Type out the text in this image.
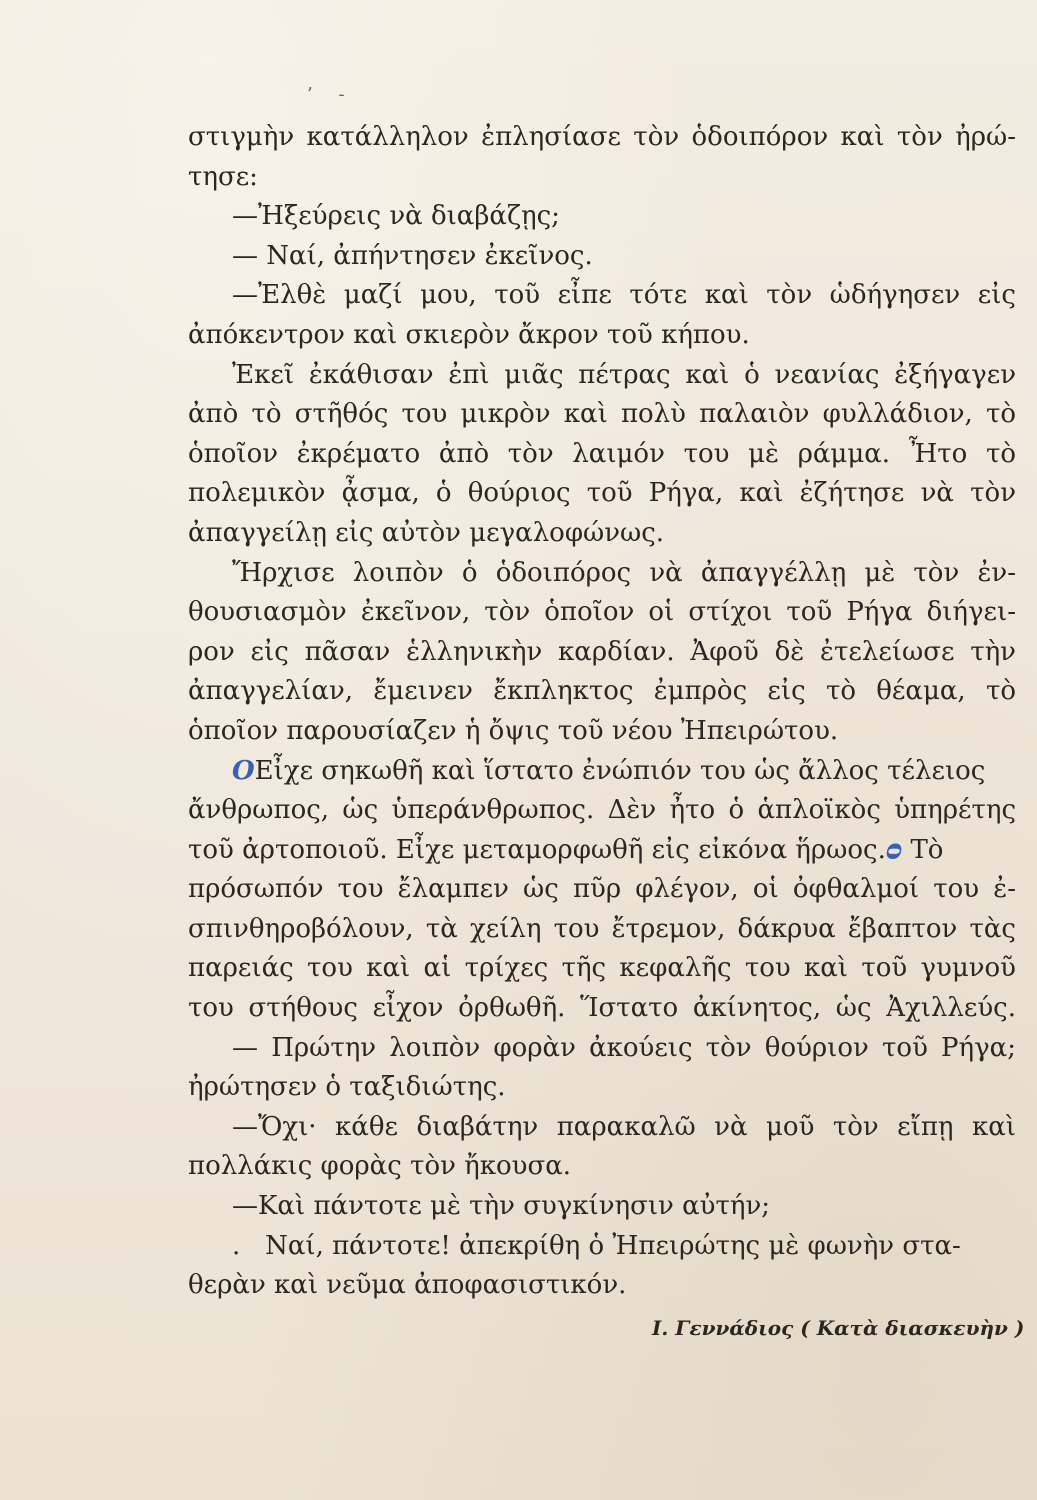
’ -
στιγμὴν κατάλληλον ἐπλησίασε τὸν ὁδοιπόρον καὶ τὸν ἠρώ-
τησε:
—Ἠξεύρεις νὰ διαβάζῃς;
— Ναί, ἀπήντησεν ἐκεῖνος.
—Ἐλθὲ μαζί μου, τοῦ εἶπε τότε καὶ τὸν ὡδήγησεν εἰς
ἀπόκεντρον καὶ σκιερὸν ἄκρον τοῦ κήπου.
Ἐκεῖ ἐκάθισαν ἐπὶ μιᾶς πέτρας καὶ ὁ νεανίας ἐξήγαγεν
ἀπὸ τὸ στῆθός του μικρὸν καὶ πολὺ παλαιὸν φυλλάδιον, τὸ
ὁποῖον ἐκρέματο ἀπὸ τὸν λαιμόν του μὲ ράμμα. Ἦτο τὸ
πολεμικὸν ᾆσμα, ὁ θούριος τοῦ Ρήγα, καὶ ἐζήτησε νὰ τὸν
ἀπαγγείλῃ εἰς αὐτὸν μεγαλοφώνως.
Ἤρχισε λοιπὸν ὁ ὁδοιπόρος νὰ ἀπαγγέλλῃ μὲ τὸν ἐν-
θουσιασμὸν ἐκεῖνον, τὸν ὁποῖον οἱ στίχοι τοῦ Ρήγα διήγει-
ρον εἰς πᾶσαν ἑλληνικὴν καρδίαν. Ἀφοῦ δὲ ἐτελείωσε τὴν
ἀπαγγελίαν, ἔμεινεν ἔκπληκτος ἐμπρὸς εἰς τὸ θέαμα, τὸ
ὁποῖον παρουσίαζεν ἡ ὄψις τοῦ νέου Ἠπειρώτου.
OΕἶχε σηκωθῆ καὶ ἵστατο ἐνώπιόν του ὡς ἄλλος τέλειος
ἄνθρωπος, ὡς ὑπεράνθρωπος. Δὲν ἦτο ὁ ἁπλοϊκὸς ὑπηρέτης
τοῦ ἀρτοποιοῦ. Εἶχε μεταμορφωθῆ εἰς εἰκόνα ἥρωος.ᴑ Τὸ
πρόσωπόν του ἔλαμπεν ὡς πῦρ φλέγον, οἱ ὀφθαλμοί του ἐ-
σπινθηροβόλουν, τὰ χείλη του ἔτρεμον, δάκρυα ἔβαπτον τὰς
παρειάς του καὶ αἱ τρίχες τῆς κεφαλῆς του καὶ τοῦ γυμνοῦ
του στήθους εἶχον ὀρθωθῆ. Ἵστατο ἀκίνητος, ὡς Ἀχιλλεύς.
— Πρώτην λοιπὸν φορὰν ἀκούεις τὸν θούριον τοῦ Ρήγα;
ἠρώτησεν ὁ ταξιδιώτης.
—Ὄχι· κάθε διαβάτην παρακαλῶ νὰ μοῦ τὸν εἴπῃ καὶ
πολλάκις φορὰς τὸν ἤκουσα.
—Καὶ πάντοτε μὲ τὴν συγκίνησιν αὐτήν;
. Ναί, πάντοτε! ἀπεκρίθη ὁ Ἠπειρώτης μὲ φωνὴν στα-
θερὰν καὶ νεῦμα ἀποφασιστικόν.
Ι. Γεννάδιος ( Κατὰ διασκευὴν )
